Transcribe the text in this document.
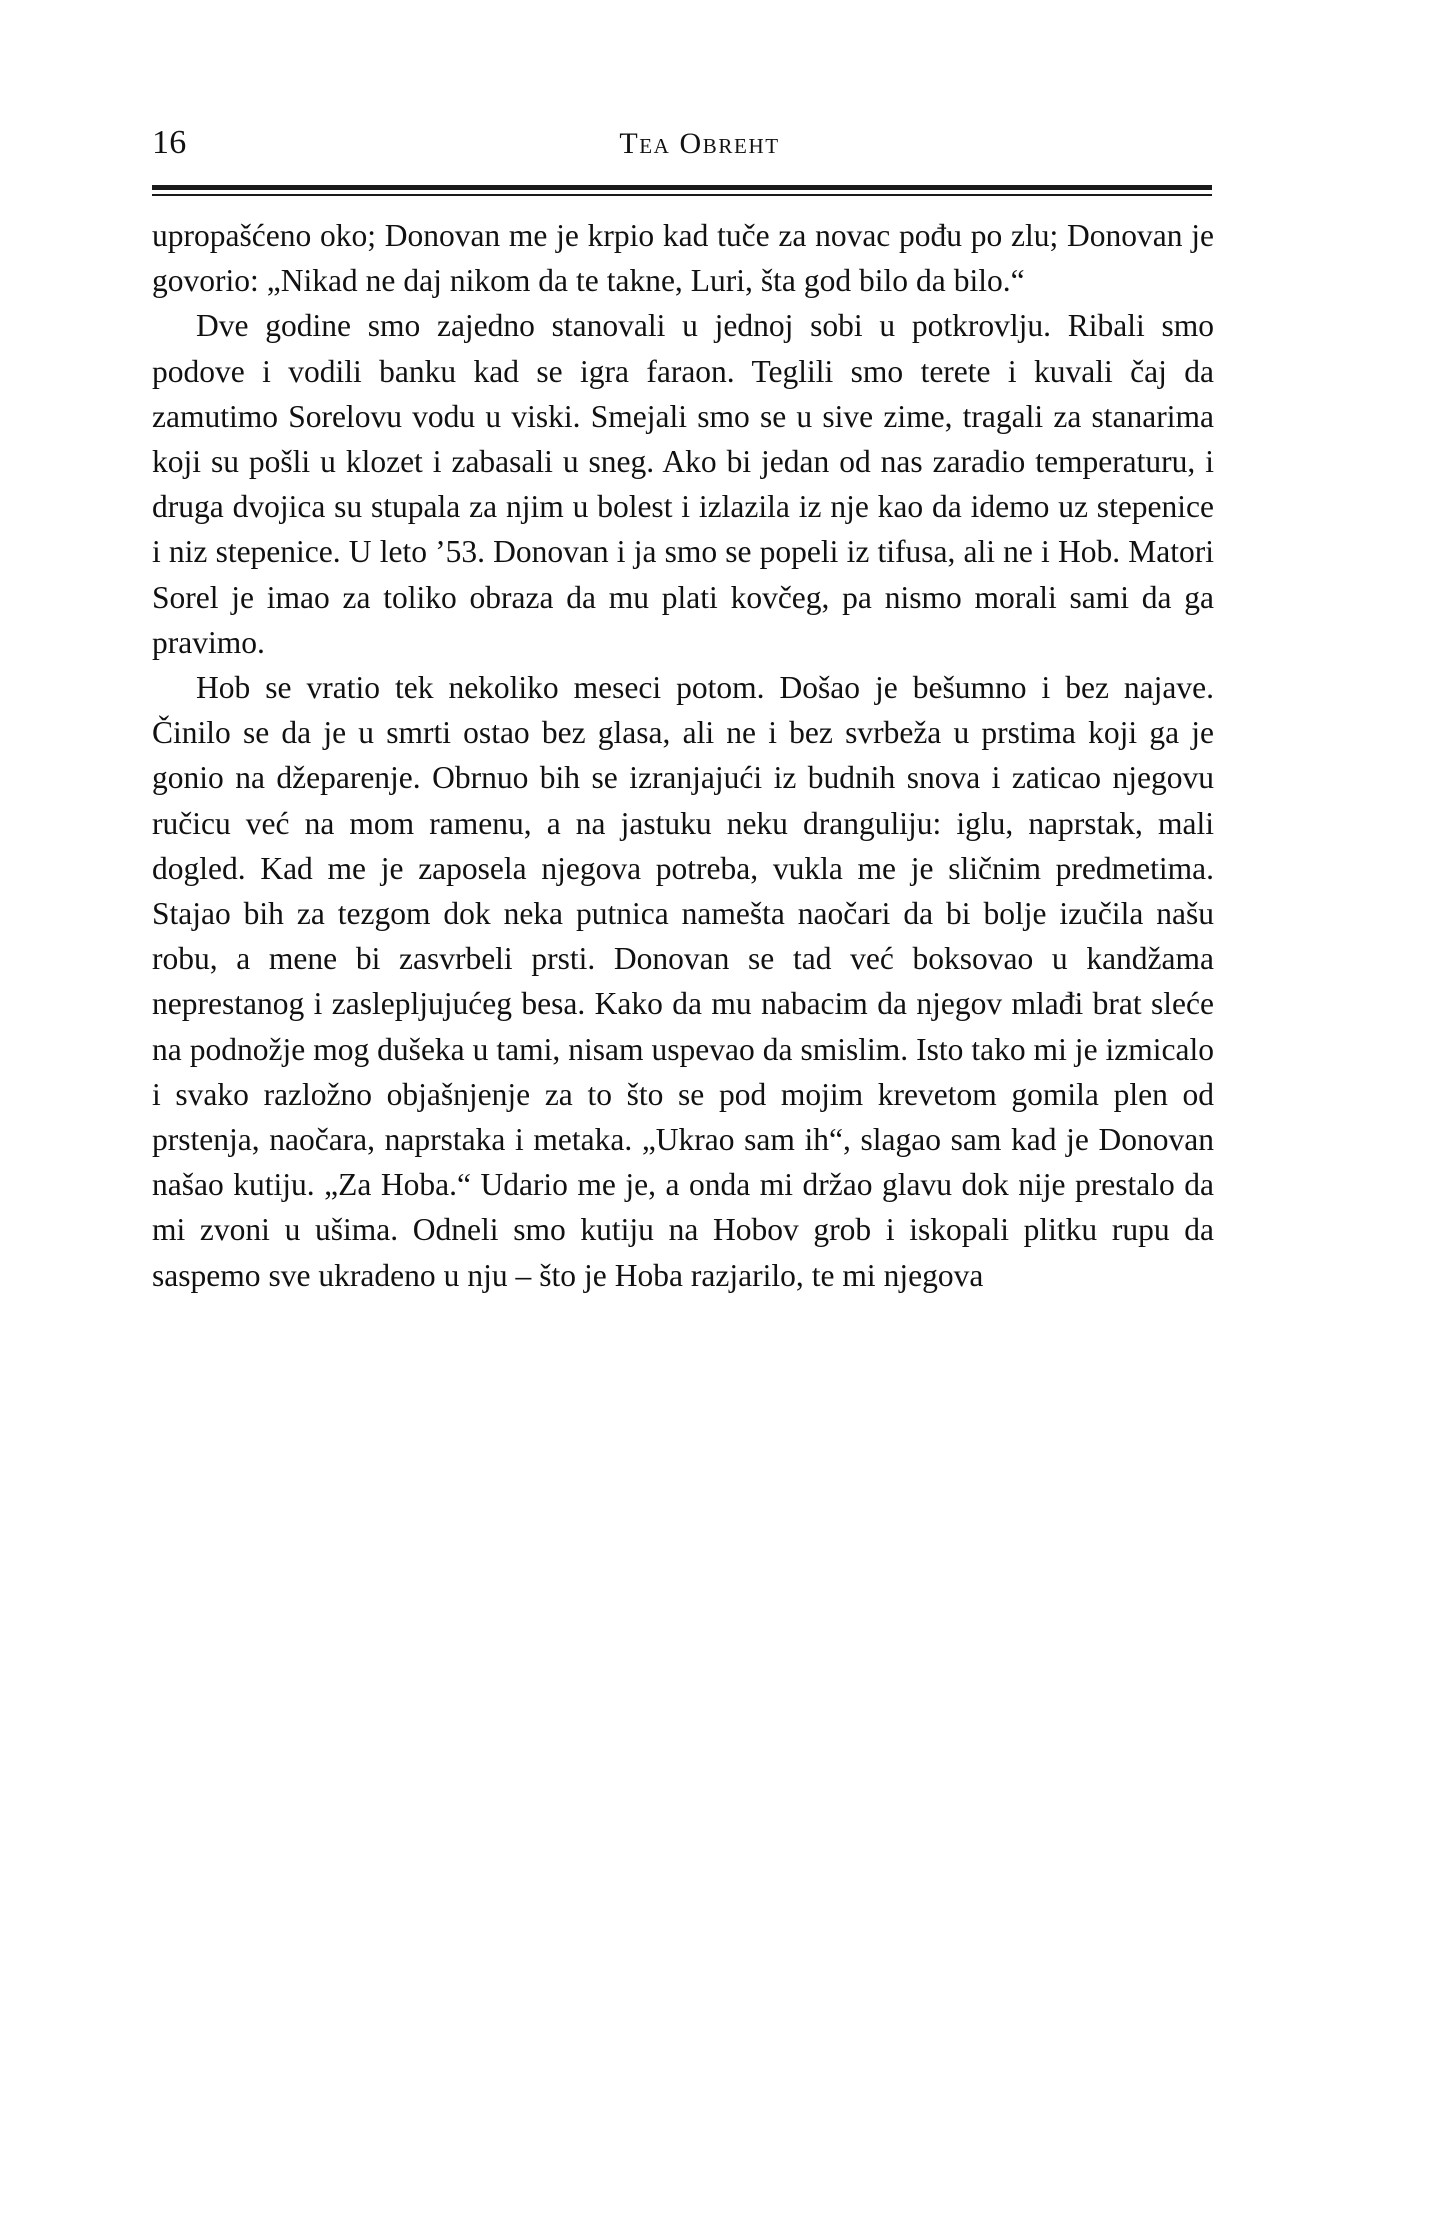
16	Tea Obreht

upropašćeno oko; Donovan me je krpio kad tuče za novac pođu po zlu; Donovan je govorio: „Nikad ne daj nikom da te takne, Luri, šta god bilo da bilo.“

Dve godine smo zajedno stanovali u jednoj sobi u potkrovlju. Ribali smo podove i vodili banku kad se igra faraon. Teglili smo terete i kuvali čaj da zamutimo Sorelovu vodu u viski. Smejali smo se u sive zime, tragali za stanarima koji su pošli u klozet i zabasali u sneg. Ako bi jedan od nas zaradio temperaturu, i druga dvojica su stupala za njim u bolest i izlazila iz nje kao da idemo uz stepenice i niz stepenice. U leto ’53. Donovan i ja smo se popeli iz tifusa, ali ne i Hob. Matori Sorel je imao za toliko obraza da mu plati kovčeg, pa nismo morali sami da ga pravimo.

Hob se vratio tek nekoliko meseci potom. Došao je bešumno i bez najave. Činilo se da je u smrti ostao bez glasa, ali ne i bez svrbeža u prstima koji ga je gonio na džeparenje. Obrnuo bih se izranjajući iz budnih snova i zaticao njegovu ručicu već na mom ramenu, a na jastuku neku dranguliju: iglu, naprstak, mali dogled. Kad me je zaposela njegova potreba, vukla me je sličnim predmetima. Stajao bih za tezgom dok neka putnica namešta naočari da bi bolje izučila našu robu, a mene bi zasvrbeli prsti. Donovan se tad već boksovao u kandžama neprestanog i zaslepljujućeg besa. Kako da mu nabacim da njegov mlađi brat sleće na podnožje mog dušeka u tami, nisam uspevao da smislim. Isto tako mi je izmicalo i svako razložno objašnjenje za to što se pod mojim krevetom gomila plen od prstenja, naočara, naprstaka i metaka. „Ukrao sam ih“, slagao sam kad je Donovan našao kutiju. „Za Hoba.“ Udario me je, a onda mi držao glavu dok nije prestalo da mi zvoni u ušima. Odneli smo kutiju na Hobov grob i iskopali plitku rupu da saspemo sve ukradeno u nju – što je Hoba razjarilo, te mi njegova
